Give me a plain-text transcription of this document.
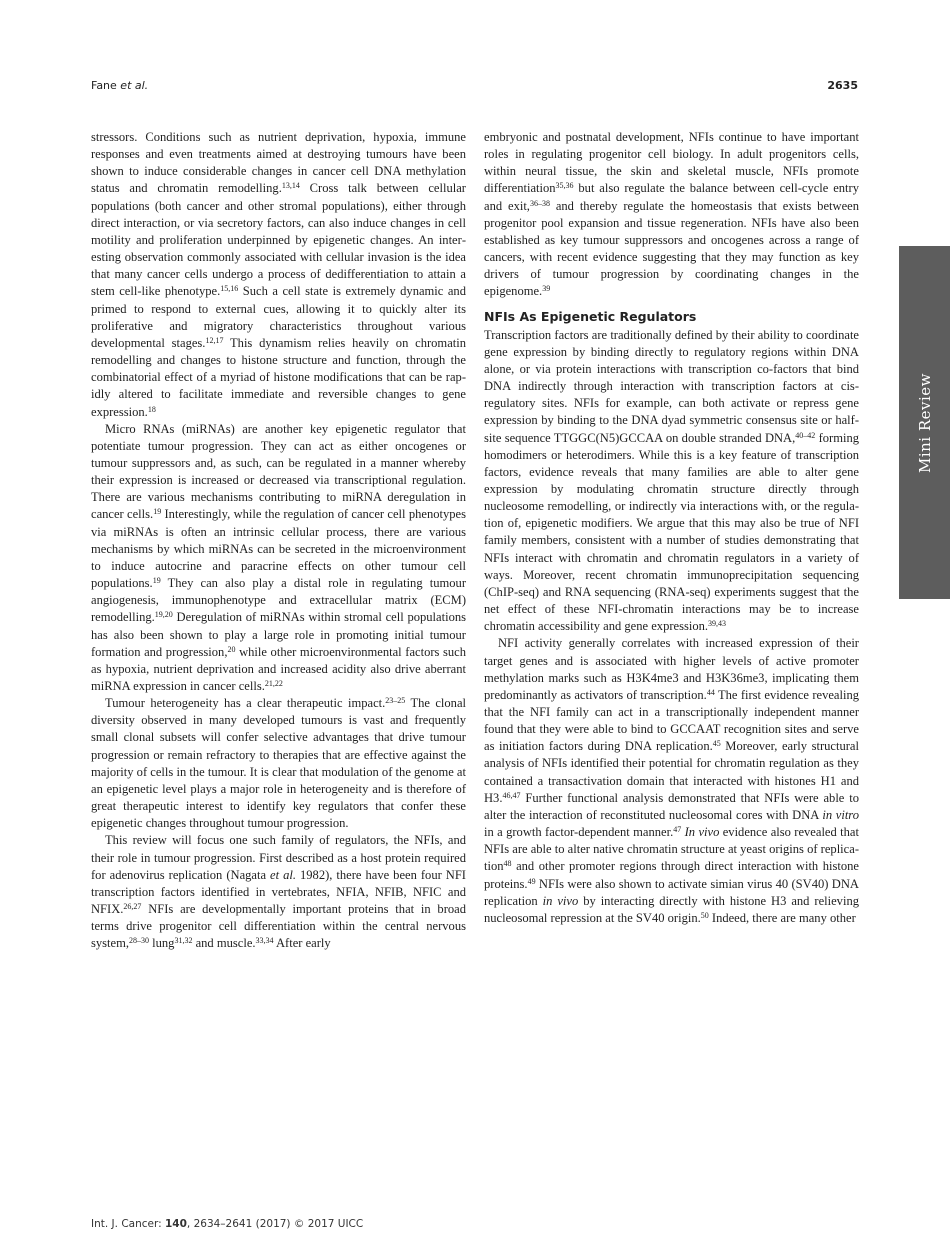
Fane et al.	2635
Mini Review

stressors. Conditions such as nutrient deprivation, hypoxia, immune responses and even treatments aimed at destroying tumours have been shown to induce considerable changes in cancer cell DNA methylation status and chromatin remodelling.$^{13,14}$ Cross talk between cellular populations (both cancer and other stromal populations), either through direct interaction, or via secretory factors, can also induce changes in cell motility and proliferation underpinned by epigenetic changes. An interesting observation commonly associated with cellular invasion is the idea that many cancer cells undergo a process of dedifferentiation to attain a stem cell-like phenotype.$^{15,16}$ Such a cell state is extremely dynamic and primed to respond to external cues, allowing it to quickly alter its proliferative and migratory characteristics throughout various developmental stages.$^{12,17}$ This dynamism relies heavily on chromatin remodelling and changes to histone structure and function, through the combinatorial effect of a myriad of histone modifications that can be rapidly altered to facilitate immediate and reversible changes to gene expression.$^{18}$

Micro RNAs (miRNAs) are another key epigenetic regulator that potentiate tumour progression. They can act as either oncogenes or tumour suppressors and, as such, can be regulated in a manner whereby their expression is increased or decreased via transcriptional regulation. There are various mechanisms contributing to miRNA deregulation in cancer cells.$^{19}$ Interestingly, while the regulation of cancer cell phenotypes via miRNAs is often an intrinsic cellular process, there are various mechanisms by which miRNAs can be secreted in the microenvironment to induce autocrine and paracrine effects on other tumour cell populations.$^{19}$ They can also play a distal role in regulating tumour angiogenesis, immunophenotype and extracellular matrix (ECM) remodelling.$^{19,20}$ Deregulation of miRNAs within stromal cell populations has also been shown to play a large role in promoting initial tumour formation and progression,$^{20}$ while other microenvironmental factors such as hypoxia, nutrient deprivation and increased acidity also drive aberrant miRNA expression in cancer cells.$^{21,22}$

Tumour heterogeneity has a clear therapeutic impact.$^{23-25}$ The clonal diversity observed in many developed tumours is vast and frequently small clonal subsets will confer selective advantages that drive tumour progression or remain refractory to therapies that are effective against the majority of cells in the tumour. It is clear that modulation of the genome at an epigenetic level plays a major role in heterogeneity and is therefore of great therapeutic interest to identify key regulators that confer these epigenetic changes throughout tumour progression.

This review will focus one such family of regulators, the NFIs, and their role in tumour progression. First described as a host protein required for adenovirus replication (Nagata et al. 1982), there have been four NFI transcription factors identified in vertebrates, NFIA, NFIB, NFIC and NFIX.$^{26,27}$ NFIs are developmentally important proteins that in broad terms drive progenitor cell differentiation within the central nervous system,$^{28-30}$ lung$^{31,32}$ and muscle.$^{33,34}$ After early

embryonic and postnatal development, NFIs continue to have important roles in regulating progenitor cell biology. In adult progenitors cells, within neural tissue, the skin and skeletal muscle, NFIs promote differentiation$^{35,36}$ but also regulate the balance between cell-cycle entry and exit,$^{36-38}$ and thereby regulate the homeostasis that exists between progenitor pool expansion and tissue regeneration. NFIs have also been established as key tumour suppressors and oncogenes across a range of cancers, with recent evidence suggesting that they may function as key drivers of tumour progression by coordinating changes in the epigenome.$^{39}$

NFIs As Epigenetic Regulators

Transcription factors are traditionally defined by their ability to coordinate gene expression by binding directly to regulatory regions within DNA alone, or via protein interactions with transcription co-factors that bind DNA indirectly through interaction with transcription factors at cis-regulatory sites. NFIs for example, can both activate or repress gene expression by binding to the DNA dyad symmetric consensus site or half-site sequence TTGGC(N5)GCCAA on double stranded DNA,$^{40-42}$ forming homodimers or heterodimers. While this is a key feature of transcription factors, evidence reveals that many families are able to alter gene expression by modulating chromatin structure directly through nucleosome remodelling, or indirectly via interactions with, or the regulation of, epigenetic modifiers. We argue that this may also be true of NFI family members, consistent with a number of studies demonstrating that NFIs interact with chromatin and chromatin regulators in a variety of ways. Moreover, recent chromatin immunoprecipitation sequencing (ChIP-seq) and RNA sequencing (RNA-seq) experiments suggest that the net effect of these NFI-chromatin interactions may be to increase chromatin accessibility and gene expression.$^{39,43}$

NFI activity generally correlates with increased expression of their target genes and is associated with higher levels of active promoter methylation marks such as H3K4me3 and H3K36me3, implicating them predominantly as activators of transcription.$^{44}$ The first evidence revealing that the NFI family can act in a transcriptionally independent manner found that they were able to bind to GCCAAT recognition sites and serve as initiation factors during DNA replication.$^{45}$ Moreover, early structural analysis of NFIs identified their potential for chromatin regulation as they contained a transactivation domain that interacted with histones H1 and H3.$^{46,47}$ Further functional analysis demonstrated that NFIs were able to alter the interaction of reconstituted nucleosomal cores with DNA in vitro in a growth factor-dependent manner.$^{47}$ In vivo evidence also revealed that NFIs are able to alter native chromatin structure at yeast origins of replication$^{48}$ and other promoter regions through direct interaction with histone proteins.$^{49}$ NFIs were also shown to activate simian virus 40 (SV40) DNA replication in vivo by interacting directly with histone H3 and relieving nucleosomal repression at the SV40 origin.$^{50}$ Indeed, there are many other

Int. J. Cancer: 140, 2634–2641 (2017) © 2017 UICC
